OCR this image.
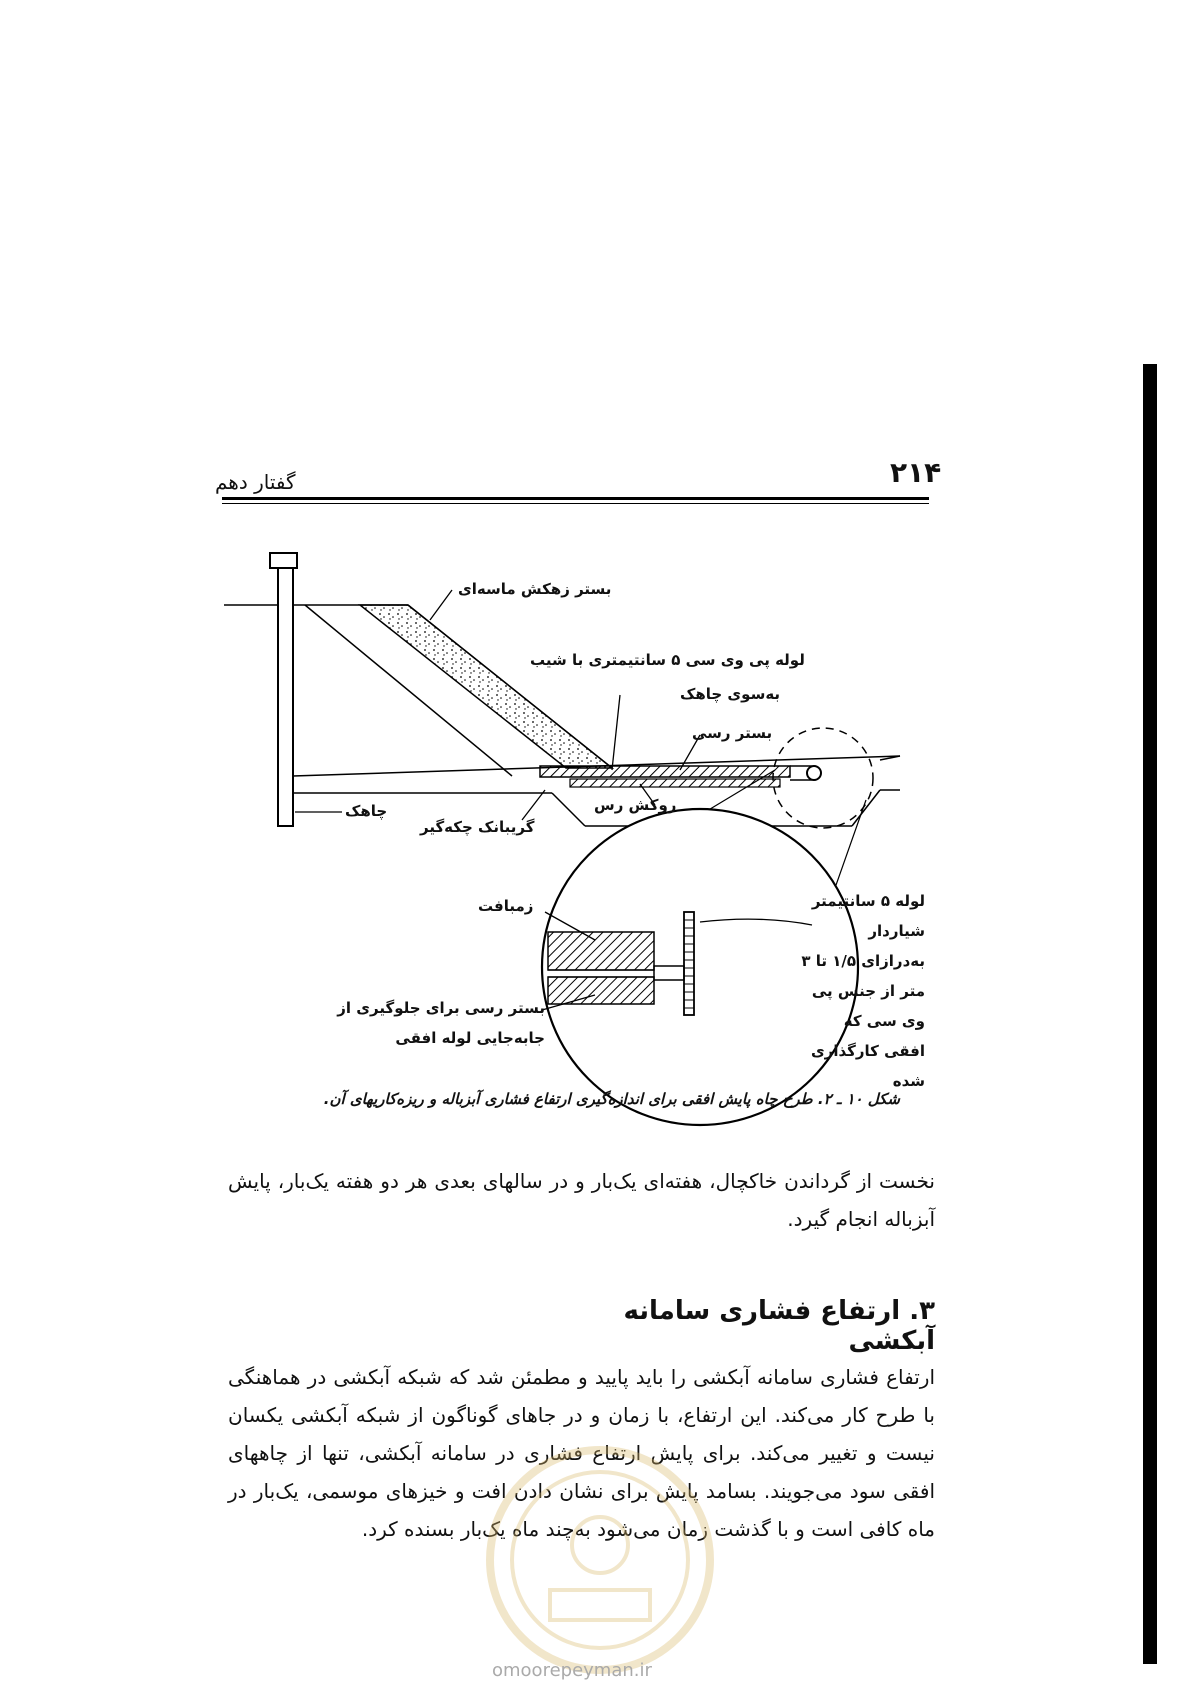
۲۱۴
گفتار دهم
بستر زهکش ماسه‌ای
لوله پی وی سی ۵ سانتیمتری با شیب
به‌سوی چاهک
بستر رسی
روکش رس
چاهک
گریبانک چکه‌گیر
زمبافت	لوله ۵ سانتیمتر شیاردار به‌درازای ۱/۵ تا ۳ متر از جنس پی وی سی که افقی کارگذاری شده
بستر رسی برای جلوگیری از جابه‌جایی لوله افقی
شکل ۱۰ ـ ۲. طرح چاه پایش افقی برای اندازه‌گیری ارتفاع فشاری آبزباله و ریزه‌کاریهای آن.
نخست از گرداندن خاکچال، هفته‌ای یک‌بار و در سالهای بعدی هر دو هفته یک‌بار، پایش آبزباله انجام گیرد.
۳. ارتفاع فشاری سامانه آبکشی
ارتفاع فشاری سامانه آبکشی را باید پایید و مطمئن شد که شبکه آبکشی در هماهنگی با طرح کار می‌کند. این ارتفاع، با زمان و در جاهای گوناگون از شبکه آبکشی یکسان نیست و تغییر می‌کند. برای پایش ارتفاع فشاری در سامانه آبکشی، تنها از چاههای افقی سود می‌جویند. بسامد پایش برای نشان دادن افت و خیزهای موسمی، یک‌بار در ماه کافی است و با گذشت زمان می‌شود به‌چند ماه یک‌بار بسنده کرد.
omoorepeyman.ir
